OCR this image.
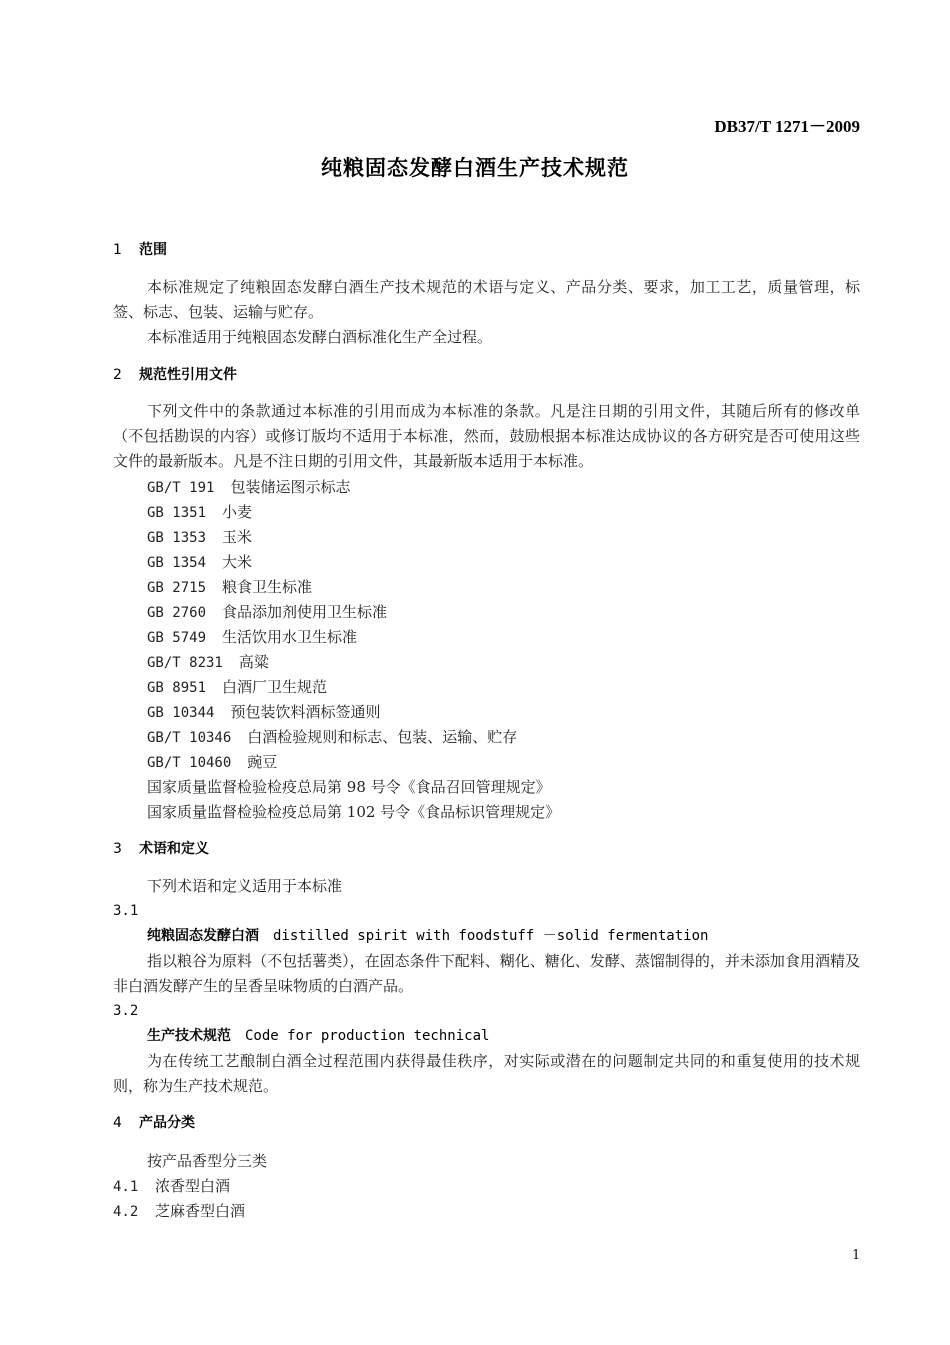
DB37/T 1271－2009
纯粮固态发酵白酒生产技术规范
1 范围
本标准规定了纯粮固态发酵白酒生产技术规范的术语与定义、产品分类、要求，加工工艺，质量管理，标签、标志、包装、运输与贮存。
本标准适用于纯粮固态发酵白酒标准化生产全过程。
2 规范性引用文件
下列文件中的条款通过本标准的引用而成为本标准的条款。凡是注日期的引用文件，其随后所有的修改单（不包括勘误的内容）或修订版均不适用于本标准，然而，鼓励根据本标准达成协议的各方研究是否可使用这些文件的最新版本。凡是不注日期的引用文件，其最新版本适用于本标准。
GB/T 191 包装储运图示标志
GB 1351 小麦
GB 1353 玉米
GB 1354 大米
GB 2715 粮食卫生标准
GB 2760 食品添加剂使用卫生标准
GB 5749 生活饮用水卫生标准
GB/T 8231 高粱
GB 8951 白酒厂卫生规范
GB 10344 预包装饮料酒标签通则
GB/T 10346 白酒检验规则和标志、包装、运输、贮存
GB/T 10460 豌豆
国家质量监督检验检疫总局第 98 号令《食品召回管理规定》
国家质量监督检验检疫总局第 102 号令《食品标识管理规定》
3 术语和定义
下列术语和定义适用于本标准
3.1
纯粮固态发酵白酒 distilled spirit with foodstuff －solid fermentation
指以粮谷为原料（不包括薯类），在固态条件下配料、糊化、糖化、发酵、蒸馏制得的，并未添加食用酒精及非白酒发酵产生的呈香呈味物质的白酒产品。
3.2
生产技术规范 Code for production technical
为在传统工艺酿制白酒全过程范围内获得最佳秩序，对实际或潜在的问题制定共同的和重复使用的技术规则，称为生产技术规范。
4 产品分类
按产品香型分三类
4.1 浓香型白酒
4.2 芝麻香型白酒
1
